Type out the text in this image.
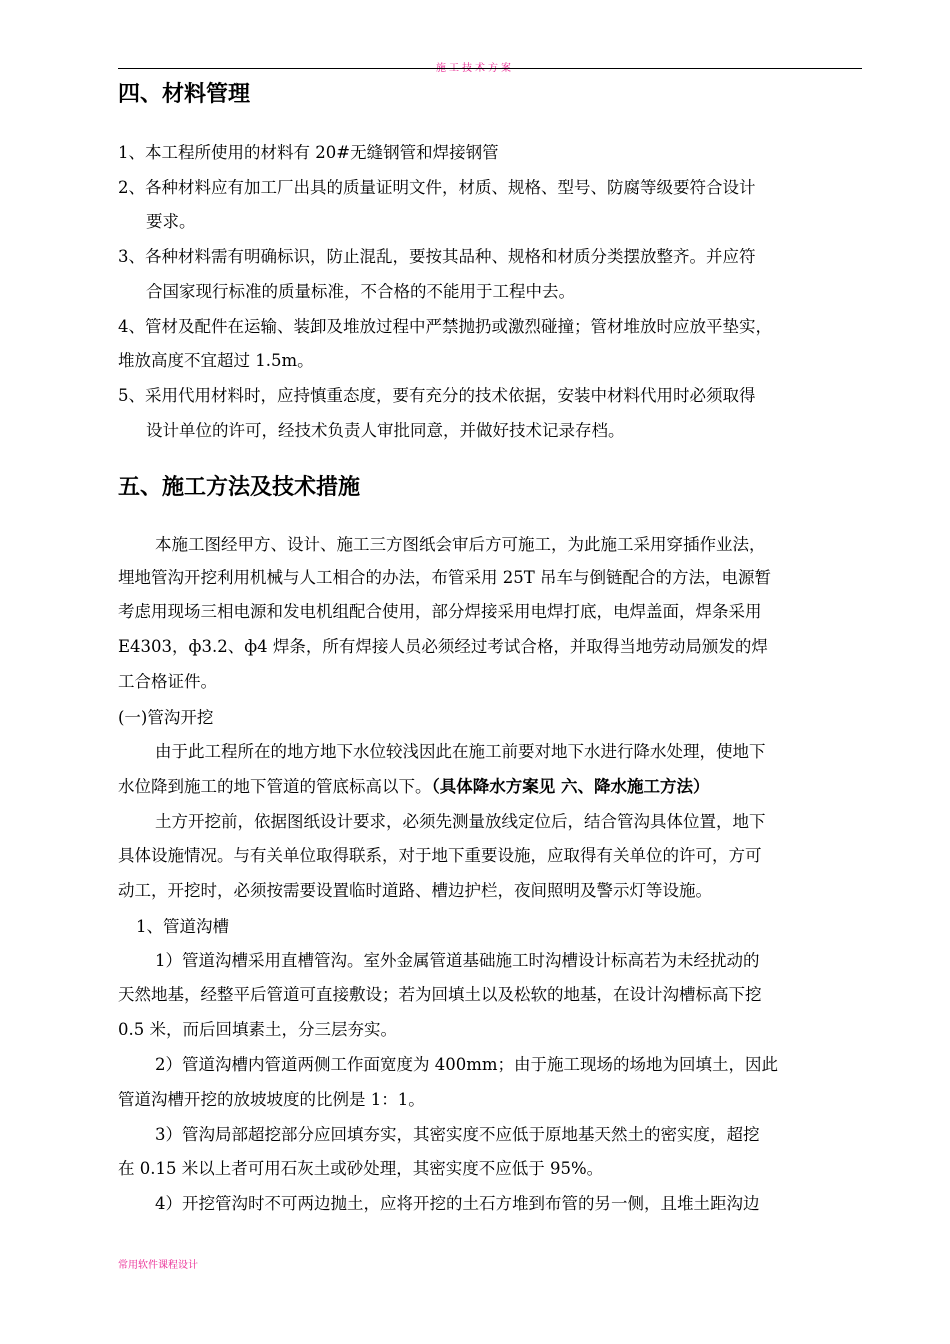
施工技术方案
四、材料管理
1、本工程所使用的材料有 20#无缝钢管和焊接钢管
2、各种材料应有加工厂出具的质量证明文件，材质、规格、型号、防腐等级要符合设计
要求。
3、各种材料需有明确标识，防止混乱，要按其品种、规格和材质分类摆放整齐。并应符
合国家现行标准的质量标准，不合格的不能用于工程中去。
4、管材及配件在运输、装卸及堆放过程中严禁抛扔或激烈碰撞；管材堆放时应放平垫实，
堆放高度不宜超过 1.5m。
5、采用代用材料时，应持慎重态度，要有充分的技术依据，安装中材料代用时必须取得
设计单位的许可，经技术负责人审批同意，并做好技术记录存档。
五、施工方法及技术措施
本施工图经甲方、设计、施工三方图纸会审后方可施工，为此施工采用穿插作业法，
埋地管沟开挖利用机械与人工相合的办法，布管采用 25T 吊车与倒链配合的方法，电源暂
考虑用现场三相电源和发电机组配合使用，部分焊接采用电焊打底，电焊盖面，焊条采用
E4303，ф3.2、ф4 焊条，所有焊接人员必须经过考试合格，并取得当地劳动局颁发的焊
工合格证件。
(一)管沟开挖
由于此工程所在的地方地下水位较浅因此在施工前要对地下水进行降水处理，使地下
水位降到施工的地下管道的管底标高以下。（具体降水方案见 六、降水施工方法）
土方开挖前，依据图纸设计要求，必须先测量放线定位后，结合管沟具体位置，地下
具体设施情况。与有关单位取得联系，对于地下重要设施，应取得有关单位的许可，方可
动工，开挖时，必须按需要设置临时道路、槽边护栏，夜间照明及警示灯等设施。
1、管道沟槽
1）管道沟槽采用直槽管沟。室外金属管道基础施工时沟槽设计标高若为未经扰动的
天然地基，经整平后管道可直接敷设；若为回填土以及松软的地基，在设计沟槽标高下挖
0.5 米，而后回填素土，分三层夯实。
2）管道沟槽内管道两侧工作面宽度为 400mm；由于施工现场的场地为回填土，因此
管道沟槽开挖的放坡坡度的比例是 1：1。
3）管沟局部超挖部分应回填夯实，其密实度不应低于原地基天然土的密实度，超挖
在 0.15 米以上者可用石灰土或砂处理，其密实度不应低于 95%。
4）开挖管沟时不可两边抛土，应将开挖的土石方堆到布管的另一侧，且堆土距沟边
常用软件课程设计
